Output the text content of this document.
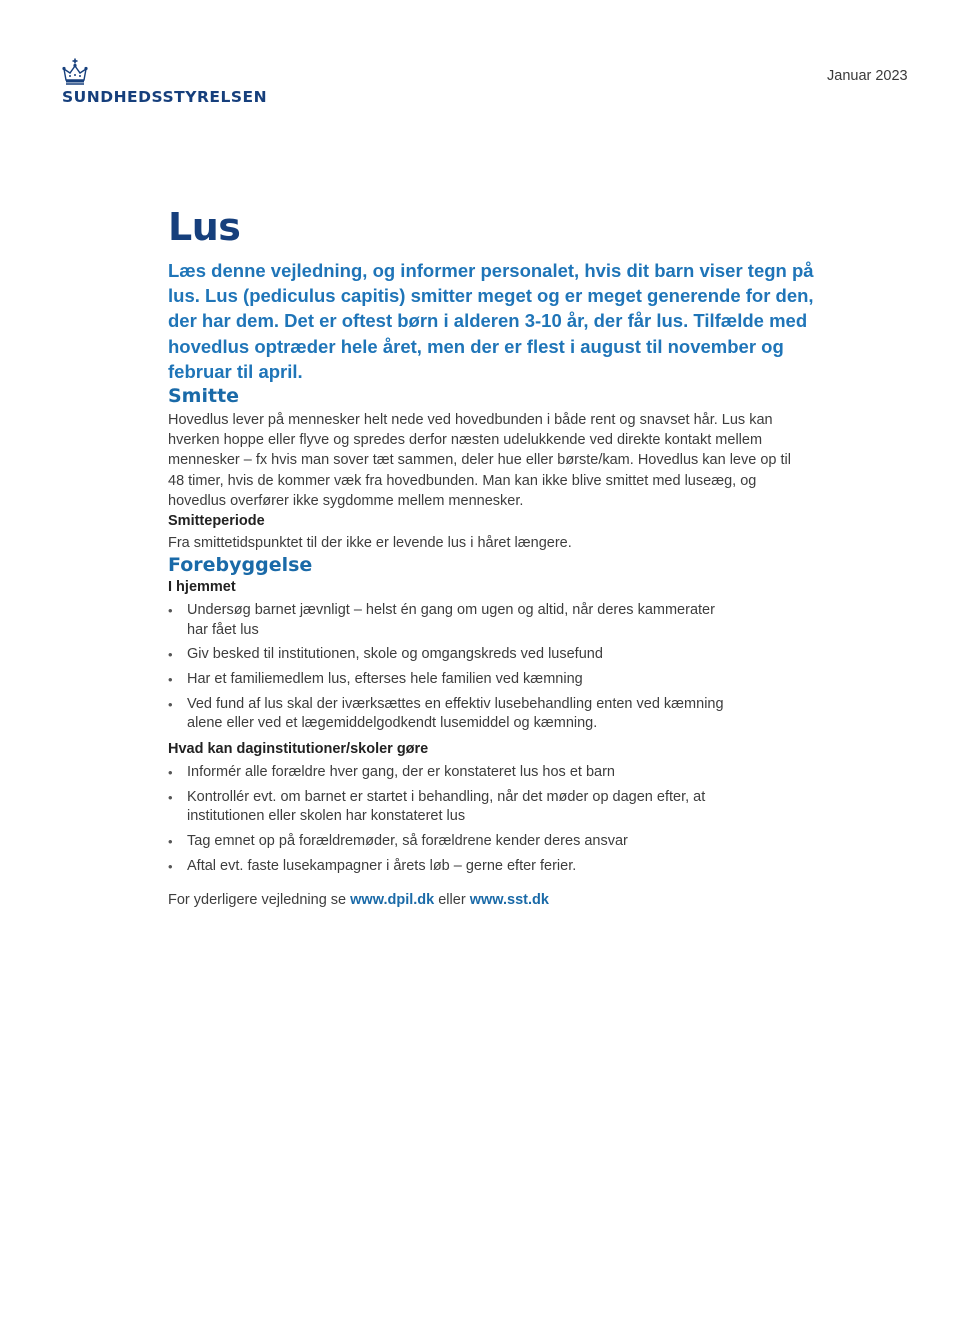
SUNDHEDSSTYRELSEN
Januar 2023
Lus

Læs denne vejledning, og informer personalet, hvis dit barn viser tegn på lus. Lus (pediculus capitis) smitter meget og er meget generende for den, der har dem. Det er oftest børn i alderen 3-10 år, der får lus. Tilfælde med hovedlus optræder hele året, men der er flest i august til november og februar til april.

Smitte

Hovedlus lever på mennesker helt nede ved hovedbunden i både rent og snavset hår. Lus kan hverken hoppe eller flyve og spredes derfor næsten udelukkende ved direkte kontakt mellem mennesker – fx hvis man sover tæt sammen, deler hue eller børste/kam. Hovedlus kan leve op til 48 timer, hvis de kommer væk fra hovedbunden. Man kan ikke blive smittet med luseæg, og hovedlus overfører ikke sygdomme mellem mennesker.

Smitteperiode

Fra smittetidspunktet til der ikke er levende lus i håret længere.

Forebyggelse
I hjemmet
• Undersøg barnet jævnligt – helst én gang om ugen og altid, når deres kammerater har fået lus
• Giv besked til institutionen, skole og omgangskreds ved lusefund
• Har et familiemedlem lus, efterses hele familien ved kæmning
• Ved fund af lus skal der iværksættes en effektiv lusebehandling enten ved kæmning alene eller ved et lægemiddelgodkendt lusemiddel og kæmning.
Hvad kan daginstitutioner/skoler gøre
• Informér alle forældre hver gang, der er konstateret lus hos et barn
• Kontrollér evt. om barnet er startet i behandling, når det møder op dagen efter, at institutionen eller skolen har konstateret lus
• Tag emnet op på forældremøder, så forældrene kender deres ansvar
• Aftal evt. faste lusekampagner i årets løb – gerne efter ferier.

For yderligere vejledning se www.dpil.dk eller www.sst.dk
